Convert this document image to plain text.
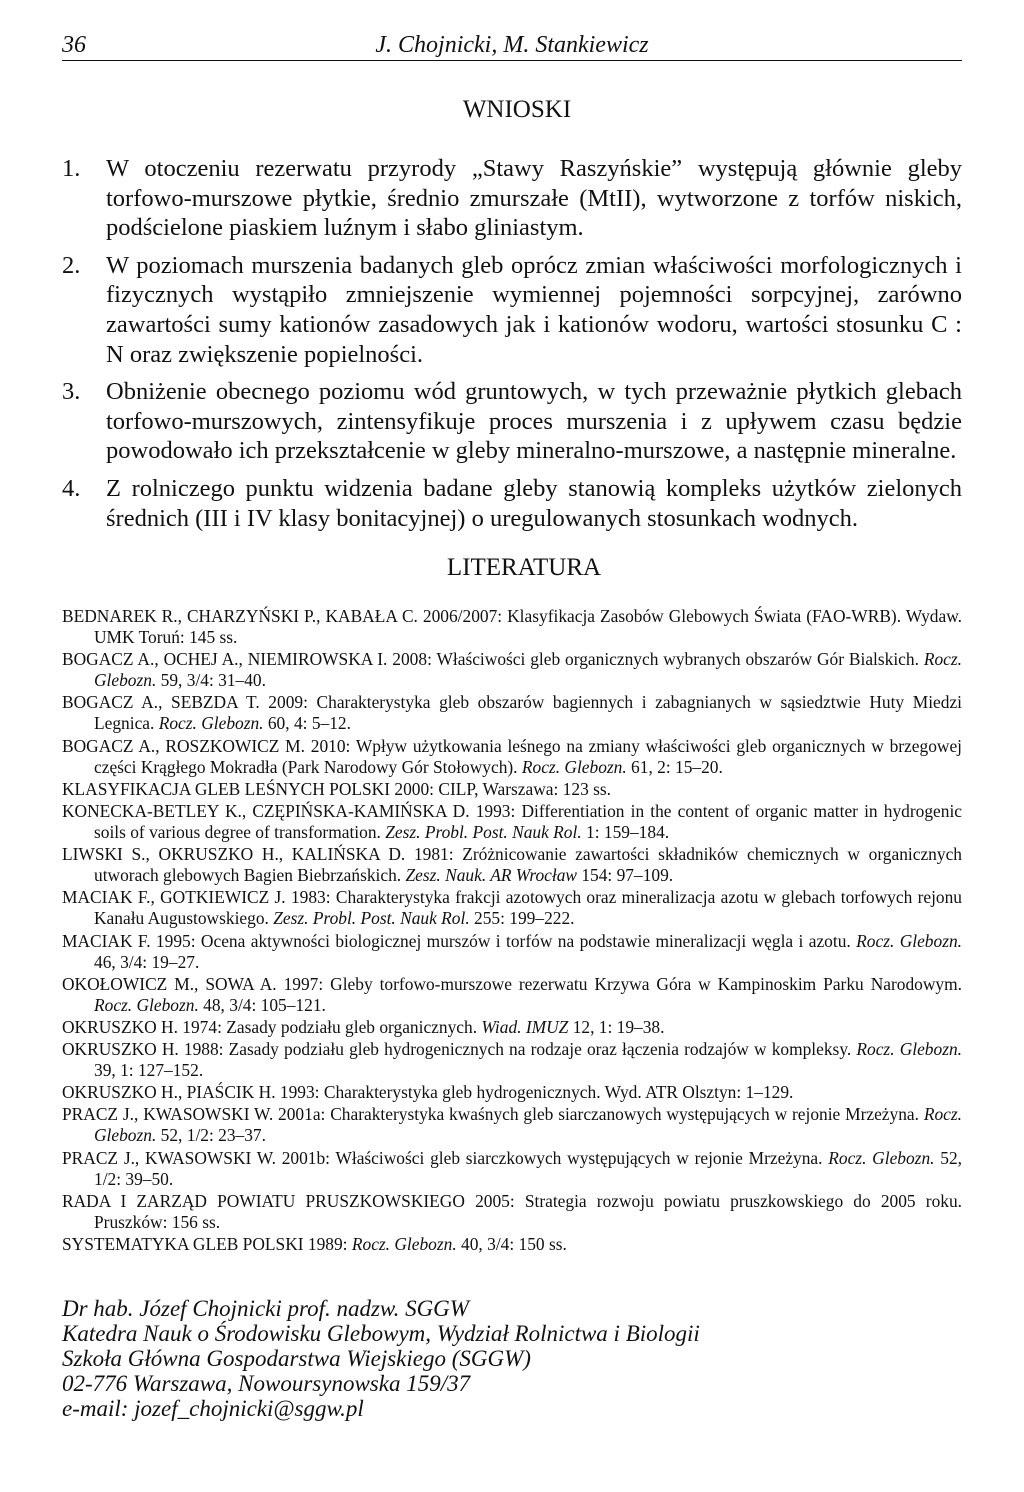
36	J. Chojnicki, M. Stankiewicz
WNIOSKI
1. W otoczeniu rezerwatu przyrody „Stawy Raszyńskie” występują głównie gleby torfowo-murszowe płytkie, średnio zmurszałe (MtII), wytworzone z torfów niskich, podścielone piaskiem luźnym i słabo gliniastym.
2. W poziomach murszenia badanych gleb oprócz zmian właściwości morfologicznych i fizycznych wystąpiło zmniejszenie wymiennej pojemności sorpcyjnej, zarówno zawartości sumy kationów zasadowych jak i kationów wodoru, wartości stosunku C : N oraz zwiększenie popielności.
3. Obniżenie obecnego poziomu wód gruntowych, w tych przeważnie płytkich glebach torfowo-murszowych, zintensyfikuje proces murszenia i z upływem czasu będzie powodowało ich przekształcenie w gleby mineralno-murszowe, a następnie mineralne.
4. Z rolniczego punktu widzenia badane gleby stanowią kompleks użytków zielonych średnich (III i IV klasy bonitacyjnej) o uregulowanych stosunkach wodnych.
LITERATURA
BEDNAREK R., CHARZYŃSKI P., KABAŁA C. 2006/2007: Klasyfikacja Zasobów Glebowych Świata (FAO-WRB). Wydaw. UMK Toruń: 145 ss.
BOGACZ A., OCHEJ A., NIEMIROWSKA I. 2008: Właściwości gleb organicznych wybranych obszarów Gór Bialskich. Rocz. Glebozn. 59, 3/4: 31–40.
BOGACZ A., SEBZDA T. 2009: Charakterystyka gleb obszarów bagiennych i zabagnianych w sąsiedztwie Huty Miedzi Legnica. Rocz. Glebozn. 60, 4: 5–12.
BOGACZ A., ROSZKOWICZ M. 2010: Wpływ użytkowania leśnego na zmiany właściwości gleb organicznych w brzegowej części Krągłego Mokradła (Park Narodowy Gór Stołowych). Rocz. Glebozn. 61, 2: 15–20.
KLASYFIKACJA GLEB LEŚNYCH POLSKI 2000: CILP, Warszawa: 123 ss.
KONECKA-BETLEY K., CZĘPIŃSKA-KAMIŃSKA D. 1993: Differentiation in the content of organic matter in hydrogenic soils of various degree of transformation. Zesz. Probl. Post. Nauk Rol. 1: 159–184.
LIWSKI S., OKRUSZKO H., KALIŃSKA D. 1981: Zróżnicowanie zawartości składników chemicznych w organicznych utworach glebowych Bagien Biebrzańskich. Zesz. Nauk. AR Wrocław 154: 97–109.
MACIAK F., GOTKIEWICZ J. 1983: Charakterystyka frakcji azotowych oraz mineralizacja azotu w glebach torfowych rejonu Kanału Augustowskiego. Zesz. Probl. Post. Nauk Rol. 255: 199–222.
MACIAK F. 1995: Ocena aktywności biologicznej murszów i torfów na podstawie mineralizacji węgla i azotu. Rocz. Glebozn. 46, 3/4: 19–27.
OKOŁOWICZ M., SOWA A. 1997: Gleby torfowo-murszowe rezerwatu Krzywa Góra w Kampinoskim Parku Narodowym. Rocz. Glebozn. 48, 3/4: 105–121.
OKRUSZKO H. 1974: Zasady podziału gleb organicznych. Wiad. IMUZ 12, 1: 19–38.
OKRUSZKO H. 1988: Zasady podziału gleb hydrogenicznych na rodzaje oraz łączenia rodzajów w kompleksy. Rocz. Glebozn. 39, 1: 127–152.
OKRUSZKO H., PIAŚCIK H. 1993: Charakterystyka gleb hydrogenicznych. Wyd. ATR Olsztyn: 1–129.
PRACZ J., KWASOWSKI W. 2001a: Charakterystyka kwaśnych gleb siarczanowych występujących w rejonie Mrzeżyna. Rocz. Glebozn. 52, 1/2: 23–37.
PRACZ J., KWASOWSKI W. 2001b: Właściwości gleb siarczkowych występujących w rejonie Mrzeżyna. Rocz. Glebozn. 52, 1/2: 39–50.
RADA I ZARZĄD POWIATU PRUSZKOWSKIEGO 2005: Strategia rozwoju powiatu pruszkowskiego do 2005 roku. Pruszków: 156 ss.
SYSTEMATYKA GLEB POLSKI 1989: Rocz. Glebozn. 40, 3/4: 150 ss.
Dr hab. Józef Chojnicki prof. nadzw. SGGW
Katedra Nauk o Środowisku Glebowym, Wydział Rolnictwa i Biologii
Szkoła Główna Gospodarstwa Wiejskiego (SGGW)
02-776 Warszawa, Nowoursynowska 159/37
e-mail: jozef_chojnicki@sggw.pl
